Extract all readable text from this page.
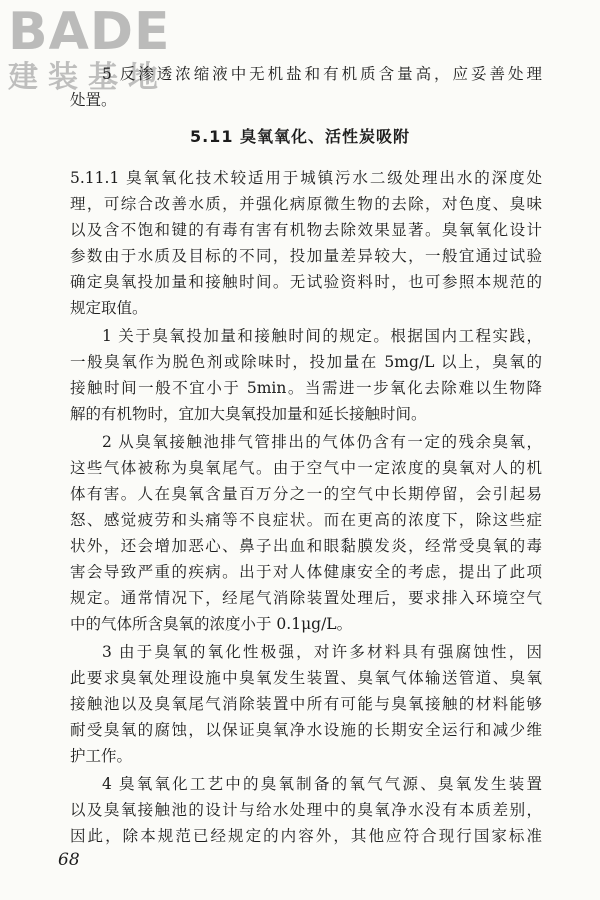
BADE
建装基地
5 反渗透浓缩液中无机盐和有机质含量高，应妥善处理
处置。
5.11 臭氧氧化、活性炭吸附
5.11.1 臭氧氧化技术较适用于城镇污水二级处理出水的深度处
理，可综合改善水质，并强化病原微生物的去除，对色度、臭味
以及含不饱和键的有毒有害有机物去除效果显著。臭氧氧化设计
参数由于水质及目标的不同，投加量差异较大，一般宜通过试验
确定臭氧投加量和接触时间。无试验资料时，也可参照本规范的
规定取值。
1 关于臭氧投加量和接触时间的规定。根据国内工程实践，
一般臭氧作为脱色剂或除味时，投加量在 5mg/L 以上，臭氧的
接触时间一般不宜小于 5min。当需进一步氧化去除难以生物降
解的有机物时，宜加大臭氧投加量和延长接触时间。
2 从臭氧接触池排气管排出的气体仍含有一定的残余臭氧，
这些气体被称为臭氧尾气。由于空气中一定浓度的臭氧对人的机
体有害。人在臭氧含量百万分之一的空气中长期停留，会引起易
怒、感觉疲劳和头痛等不良症状。而在更高的浓度下，除这些症
状外，还会增加恶心、鼻子出血和眼黏膜发炎，经常受臭氧的毒
害会导致严重的疾病。出于对人体健康安全的考虑，提出了此项
规定。通常情况下，经尾气消除装置处理后，要求排入环境空气
中的气体所含臭氧的浓度小于 0.1μg/L。
3 由于臭氧的氧化性极强，对许多材料具有强腐蚀性，因
此要求臭氧处理设施中臭氧发生装置、臭氧气体输送管道、臭氧
接触池以及臭氧尾气消除装置中所有可能与臭氧接触的材料能够
耐受臭氧的腐蚀，以保证臭氧净水设施的长期安全运行和减少维
护工作。
4 臭氧氧化工艺中的臭氧制备的氧气气源、臭氧发生装置
以及臭氧接触池的设计与给水处理中的臭氧净水没有本质差别，
因此，除本规范已经规定的内容外，其他应符合现行国家标准
68
